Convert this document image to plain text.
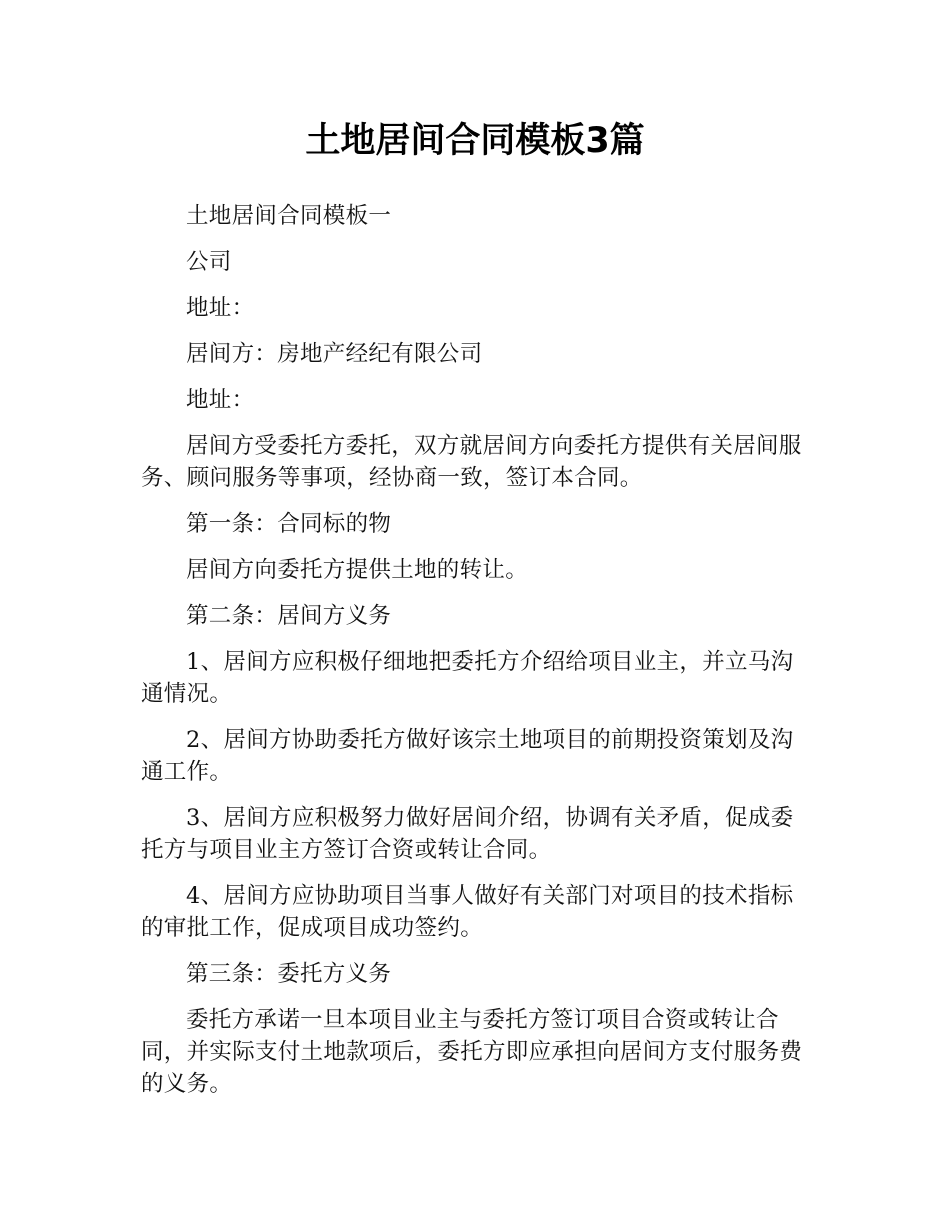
土地居间合同模板3篇

土地居间合同模板一

公司

地址：

居间方：房地产经纪有限公司

地址：

居间方受委托方委托，双方就居间方向委托方提供有关居间服务、顾问服务等事项，经协商一致，签订本合同。

第一条：合同标的物

居间方向委托方提供土地的转让。

第二条：居间方义务

1、居间方应积极仔细地把委托方介绍给项目业主，并立马沟通情况。

2、居间方协助委托方做好该宗土地项目的前期投资策划及沟通工作。

3、居间方应积极努力做好居间介绍，协调有关矛盾，促成委托方与项目业主方签订合资或转让合同。

4、居间方应协助项目当事人做好有关部门对项目的技术指标的审批工作，促成项目成功签约。

第三条：委托方义务

委托方承诺一旦本项目业主与委托方签订项目合资或转让合同，并实际支付土地款项后，委托方即应承担向居间方支付服务费的义务。
